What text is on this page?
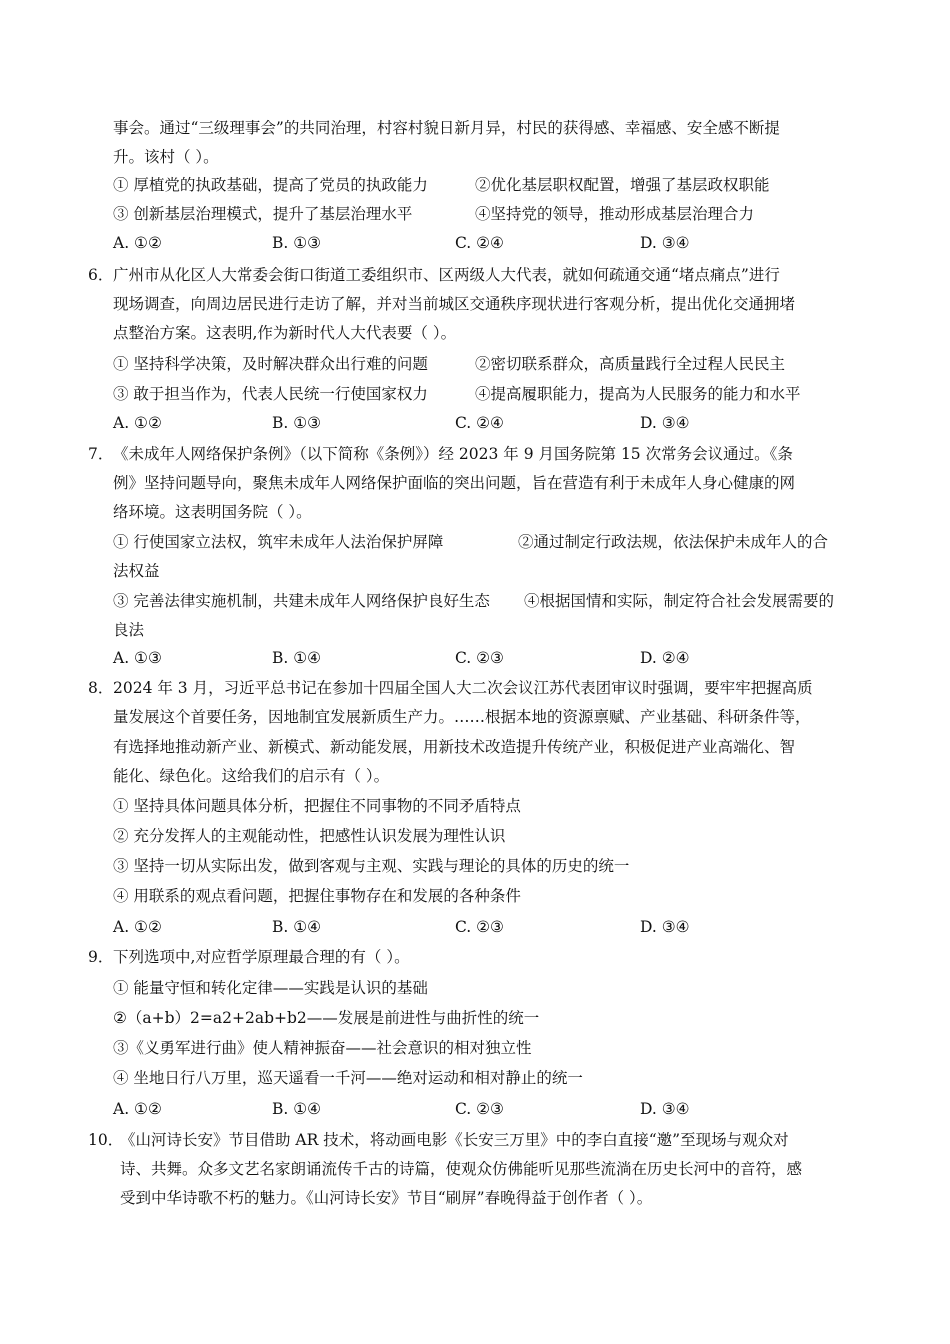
事会。通过“三级理事会”的共同治理，村容村貌日新月异，村民的获得感、幸福感、安全感不断提
升。该村（ ）。
① 厚植党的执政基础，提高了党员的执政能力	②优化基层职权配置，增强了基层政权职能
③ 创新基层治理模式，提升了基层治理水平	④坚持党的领导，推动形成基层治理合力
A. ①②	B. ①③	C. ②④	D. ③④
6． 广州市从化区人大常委会街口街道工委组织市、区两级人大代表，就如何疏通交通“堵点痛点”进行
现场调查，向周边居民进行走访了解，并对当前城区交通秩序现状进行客观分析，提出优化交通拥堵
点整治方案。这表明,作为新时代人大代表要（ ）。
① 坚持科学决策，及时解决群众出行难的问题	②密切联系群众，高质量践行全过程人民民主
③ 敢于担当作为，代表人民统一行使国家权力	④提高履职能力，提高为人民服务的能力和水平
A. ①②	B. ①③	C. ②④	D. ③④
7． 《未成年人网络保护条例》（以下简称《条例》）经 2023 年 9 月国务院第 15 次常务会议通过。《条
例》坚持问题导向，聚焦未成年人网络保护面临的突出问题，旨在营造有利于未成年人身心健康的网
络环境。这表明国务院（ ）。
① 行使国家立法权，筑牢未成年人法治保护屏障	②通过制定行政法规，依法保护未成年人的合
法权益
③ 完善法律实施机制，共建未成年人网络保护良好生态 ④根据国情和实际，制定符合社会发展需要的
良法
A. ①③	B. ①④	C. ②③	D. ②④
8． 2024 年 3 月，习近平总书记在参加十四届全国人大二次会议江苏代表团审议时强调，要牢牢把握高质
量发展这个首要任务，因地制宜发展新质生产力。……根据本地的资源禀赋、产业基础、科研条件等，
有选择地推动新产业、新模式、新动能发展，用新技术改造提升传统产业，积极促进产业高端化、智
能化、绿色化。这给我们的启示有（ ）。
① 坚持具体问题具体分析，把握住不同事物的不同矛盾特点
② 充分发挥人的主观能动性，把感性认识发展为理性认识
③ 坚持一切从实际出发，做到客观与主观、实践与理论的具体的历史的统一
④ 用联系的观点看问题，把握住事物存在和发展的各种条件
A. ①②	B. ①④	C. ②③	D. ③④
9． 下列选项中,对应哲学原理最合理的有（ ）。
① 能量守恒和转化定律——实践是认识的基础
②（a+b）2=a2+2ab+b2——发展是前进性与曲折性的统一
③《义勇军进行曲》使人精神振奋——社会意识的相对独立性
④ 坐地日行八万里，巡天遥看一千河——绝对运动和相对静止的统一
A. ①②	B. ①④	C. ②③	D. ③④
10．
《山河诗长安》节目借助 AR 技术，将动画电影《长安三万里》中的李白直接“邀”至现场与观众对
诗、共舞。众多文艺名家朗诵流传千古的诗篇，使观众仿佛能听见那些流淌在历史长河中的音符，感
受到中华诗歌不朽的魅力。《山河诗长安》节目“刷屏”春晚得益于创作者（ ）。
